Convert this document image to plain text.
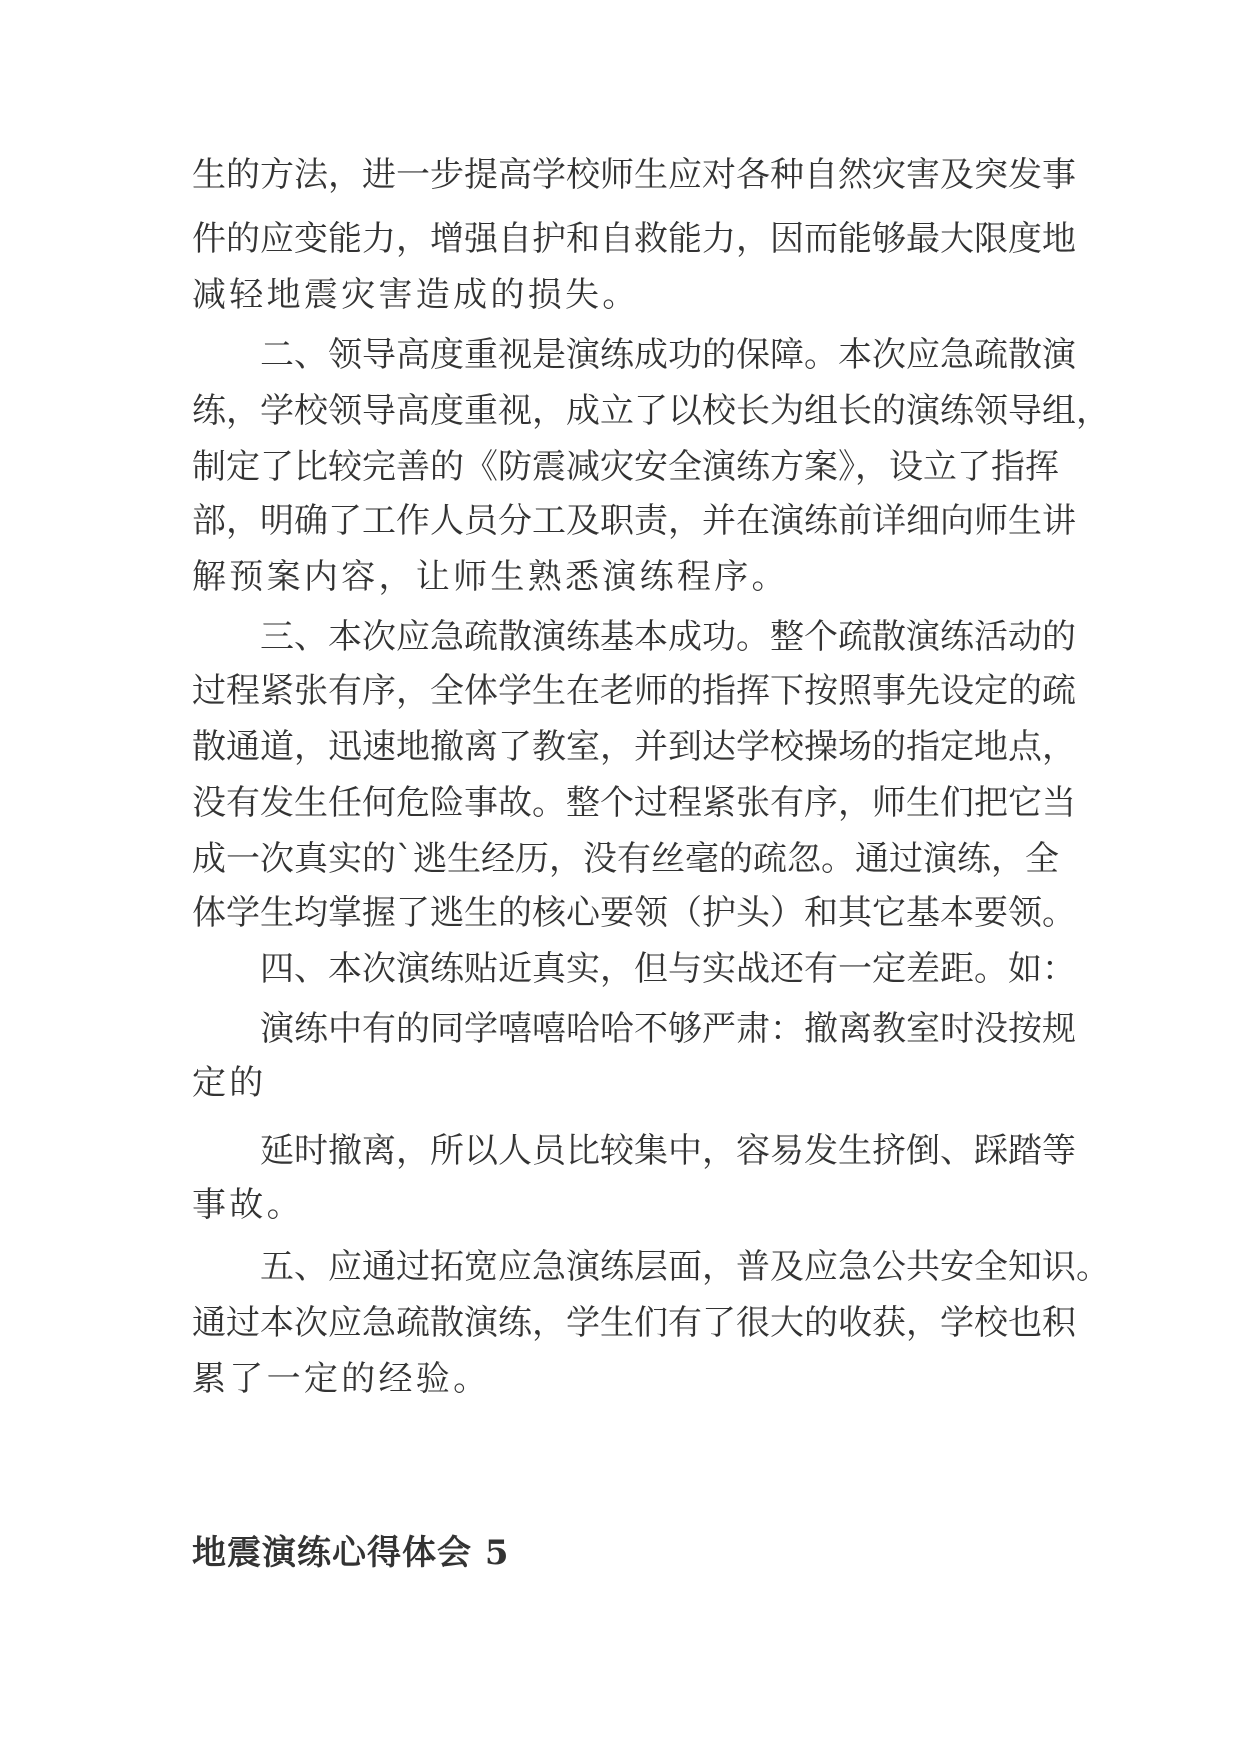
生的方法，进一步提高学校师生应对各种自然灾害及突发事

件的应变能力，增强自护和自救能力，因而能够最大限度地

减轻地震灾害造成的损失。

　　二、领导高度重视是演练成功的保障。本次应急疏散演

练，学校领导高度重视，成立了以校长为组长的演练领导组，

制定了比较完善的《防震减灾安全演练方案》，设立了指挥

部，明确了工作人员分工及职责，并在演练前详细向师生讲

解预案内容，让师生熟悉演练程序。

　　三、本次应急疏散演练基本成功。整个疏散演练活动的

过程紧张有序，全体学生在老师的指挥下按照事先设定的疏

散通道，迅速地撤离了教室，并到达学校操场的指定地点，

没有发生任何危险事故。整个过程紧张有序，师生们把它当

成一次真实的`逃生经历，没有丝毫的疏忽。通过演练，全

体学生均掌握了逃生的核心要领（护头）和其它基本要领。

　　四、本次演练贴近真实，但与实战还有一定差距。如：

　　演练中有的同学嘻嘻哈哈不够严肃：撤离教室时没按规

定的

　　延时撤离，所以人员比较集中，容易发生挤倒、踩踏等

事故。

　　五、应通过拓宽应急演练层面，普及应急公共安全知识。

通过本次应急疏散演练，学生们有了很大的收获，学校也积

累了一定的经验。

地震演练心得体会 5
